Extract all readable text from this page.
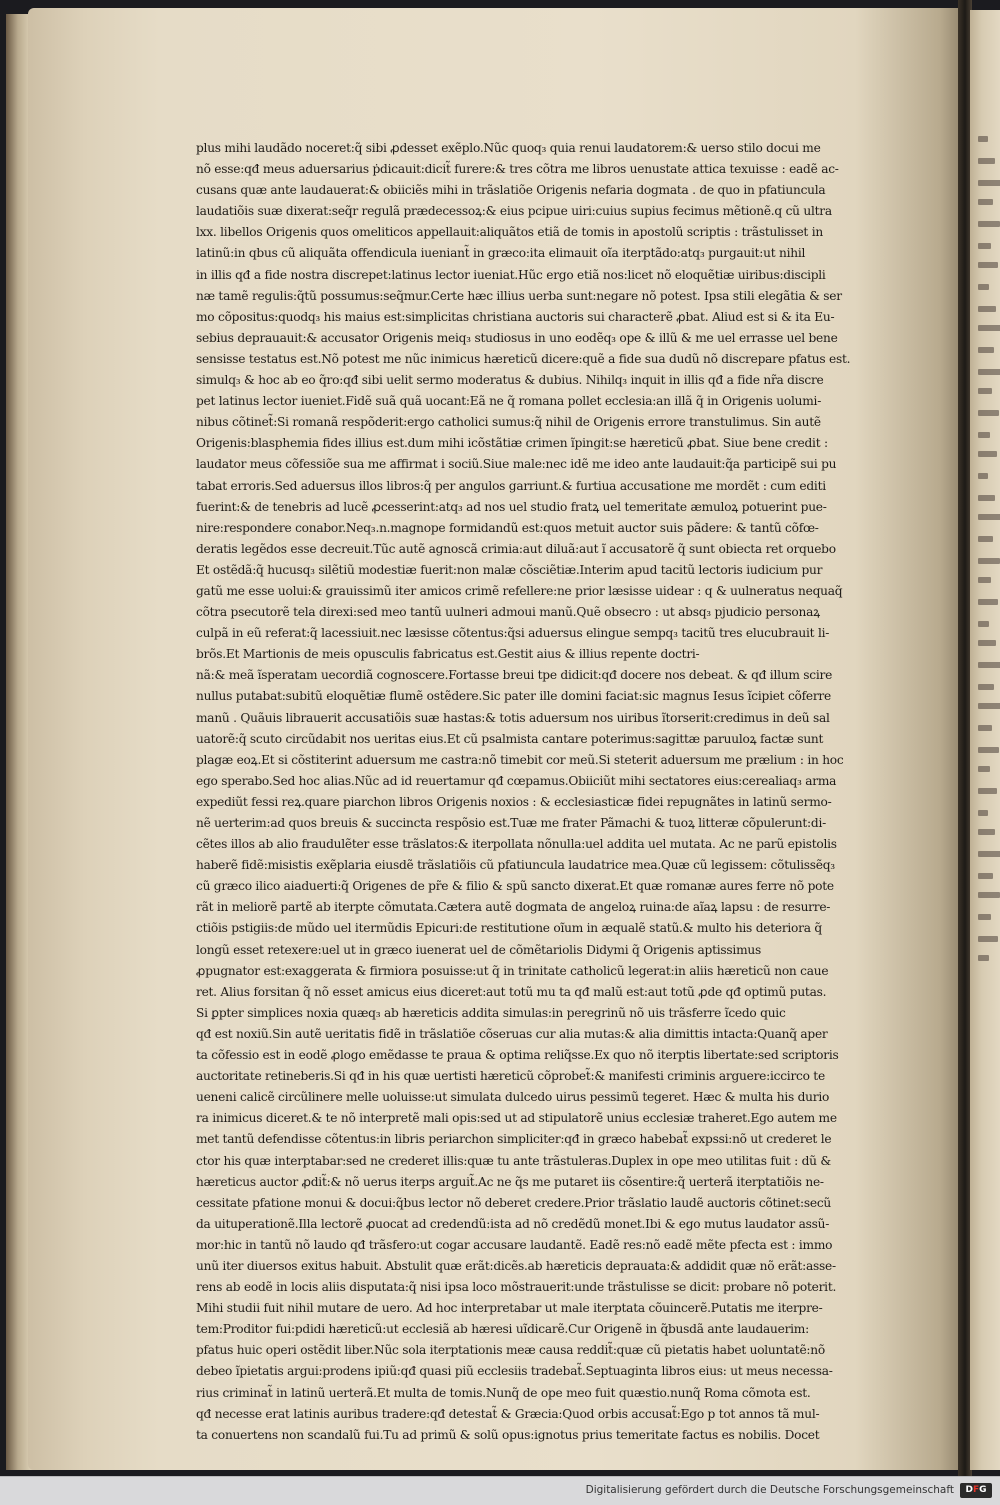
plus mihi laudãdo noceret:q̃ sibi ꝓdesset exẽplo.Nũc quoq₃ quia renui laudatorem:& uerso stilo docui me
nõ esse:qđ meus aduersarius ṗdicauit:dicit̃ furere:& tres cõtra me libros uenustate attica texuisse : eadẽ ac-
cusans quæ ante laudauerat:& obiiciẽs mihi in trãslatiõe Origenis nefaria dogmata . de quo in pfatiuncula
laudatiõis suæ dixerat:seq̃r regulã prædecessoꝝ:& eius pcipue uiri:cuius supius fecimus mẽtionẽ.q cũ ultra
lxx. libellos Origenis quos omeliticos appellauit:aliquãtos etiã de tomis in apostolũ scriptis : trãstulisset in
latinũ:in qbus cũ aliquãta offendicula iueniant̃ in græco:ita elimauit oĩa iterptãdo:atq₃ purgauit:ut nihil
in illis qđ a fide nostra discrepet:latinus lector iueniat.Hũc ergo etiã nos:licet nõ eloquẽtiæ uiribus:discipli
næ tamẽ regulis:q̃tũ possumus:seq̃mur.Certe hæc illius uerba sunt:negare nõ potest. Ipsa stili elegãtia & ser
mo cõpositus:quodq₃ his maius est:simplicitas christiana auctoris sui characterẽ ꝓbat. Aliud est si & ita Eu-
sebius deprauauit:& accusator Origenis meiq₃ studiosus in uno eodẽq₃ ope & illũ & me uel errasse uel bene
sensisse testatus est.Nõ potest me nũc inimicus hæreticũ dicere:quẽ a fide sua dudũ nõ discrepare pfatus est.
simulq₃ & hoc ab eo q̃ro:qđ sibi uelit sermo moderatus & dubius. Nihilq₃ inquit in illis qđ a fide nr̃a discre
pet latinus lector iueniet.Fidẽ suã quã uocant:Eã ne q̃ romana pollet ecclesia:an illã q̃ in Origenis uolumi-
nibus cõtinet̃:Si romanã respõderit:ergo catholici sumus:q̃ nihil de Origenis errore transtulimus. Sin autẽ
Origenis:blasphemia fides illius est.dum mihi icõstãtiæ crimen ĩpingit:se hæreticũ ꝓbat. Siue bene credit :
laudator meus cõfessiõe sua me affirmat i sociũ.Siue male:nec idẽ me ideo ante laudauit:q̃a participẽ sui pu
tabat erroris.Sed aduersus illos libros:q̃ per angulos garriunt.& furtiua accusatione me mordẽt : cum editi
fuerint:& de tenebris ad lucẽ ꝓcesserint:atq₃ ad nos uel studio fratꝝ uel temeritate æmuloꝝ potuerint pue-
nire:respondere conabor.Neq₃.n.magnope formidandũ est:quos metuit auctor suis pãdere: & tantũ cõfœ-
deratis legẽdos esse decreuit.Tũc autẽ agnoscã crimia:aut diluã:aut ĩ accusatorẽ q̃ sunt obiecta ret orquebo
Et ostẽdã:q̃ hucusq₃ silẽtiũ modestiæ fuerit:non malæ cõsciẽtiæ.Interim apud tacitũ lectoris iudicium pur
gatũ me esse uolui:& grauissimũ iter amicos crimẽ refellere:ne prior læsisse uidear : q & uulneratus nequaq̃
cõtra psecutorẽ tela direxi:sed meo tantũ uulneri admoui manũ.Quẽ obsecro : ut absq₃ pjudicio personaꝝ
culpã in eũ referat:q̃ lacessiuit.nec læsisse cõtentus:q̃si aduersus elingue sempq₃ tacitũ tres elucubrauit li-
brõs.Et Martionis de meis opusculis fabricatus est.Gestit aius & illius repente doctri-
nã:& meã ĩsperatam uecordiã cognoscere.Fortasse breui tpe didicit:qđ docere nos debeat. & qđ illum scire
nullus putabat:subitũ eloquẽtiæ flumẽ ostẽdere.Sic pater ille domini faciat:sic magnus Iesus ĩcipiet cõferre
manũ . Quãuis librauerit accusatiõis suæ hastas:& totis aduersum nos uiribus ĩtorserit:credimus in deũ sal
uatorẽ:q̃ scuto circũdabit nos ueritas eius.Et cũ psalmista cantare poterimus:sagittæ paruuloꝝ factæ sunt
plagæ eoꝝ.Et si cõstiterint aduersum me castra:nõ timebit cor meũ.Si steterit aduersum me prælium : in hoc
ego sperabo.Sed hoc alias.Nũc ad id reuertamur qđ cœpamus.Obiiciũt mihi sectatores eius:cerealiaq₃ arma
expediũt fessi reꝝ.quare piarchon libros Origenis noxios : & ecclesiasticæ fidei repugnãtes in latinũ sermo-
nẽ uerterim:ad quos breuis & succincta respõsio est.Tuæ me frater Pãmachi & tuoꝝ litteræ cõpulerunt:di-
cẽtes illos ab alio fraudulẽter esse trãslatos:& iterpollata nõnulla:uel addita uel mutata. Ac ne parũ epistolis
haberẽ fidẽ:misistis exẽplaria eiusdẽ trãslatiõis cũ pfatiuncula laudatrice mea.Quæ cũ legissem: cõtulissẽq₃
cũ græco ilico aiaduerti:q̃ Origenes de pr̃e & filio & spũ sancto dixerat.Et quæ romanæ aures ferre nõ pote
rãt in meliorẽ partẽ ab iterpte cõmutata.Cætera autẽ dogmata de angeloꝝ ruina:de aĩaꝝ lapsu : de resurre-
ctiõis pstigiis:de mũdo uel itermũdis Epicuri:de restitutione oĩum in æqualẽ statũ.& multo his deteriora q̃
longũ esset retexere:uel ut in græco iuenerat uel de cõmẽtariolis Didymi q̃ Origenis aptissimus
ꝓpugnator est:exaggerata & firmiora posuisse:ut q̃ in trinitate catholicũ legerat:in aliis hæreticũ non caue
ret. Alius forsitan q̃ nõ esset amicus eius diceret:aut totũ mu ta qđ malũ est:aut totũ ꝓde qđ optimũ putas.
Si ꝑpter simplices noxia quæq₃ ab hæreticis addita simulas:in peregrinũ nõ uis trãsferre ĩcedo quic
qđ est noxiũ.Sin autẽ ueritatis fidẽ in trãslatiõe cõseruas cur alia mutas:& alia dimittis intacta:Quanq̃ aper
ta cõfessio est in eodẽ ꝓlogo emẽdasse te praua & optima reliq̃sse.Ex quo nõ iterptis libertate:sed scriptoris
auctoritate retineberis.Si qđ in his quæ uertisti hæreticũ cõprobet̃:& manifesti criminis arguere:iccirco te
ueneni calicẽ circũlinere melle uoluisse:ut simulata dulcedo uirus pessimũ tegeret. Hæc & multa his durio
ra inimicus diceret.& te nõ interpretẽ mali opis:sed ut ad stipulatorẽ unius ecclesiæ traheret.Ego autem me
met tantũ defendisse cõtentus:in libris periarchon simpliciter:qđ in græco habebat̃ expssi:nõ ut crederet le
ctor his quæ interptabar:sed ne crederet illis:quæ tu ante trãstuleras.Duplex in ope meo utilitas fuit : dũ &
hæreticus auctor ꝓdit̃:& nõ uerus iterps arguit̃.Ac ne q̃s me putaret iis cõsentire:q̃ uerterã iterptatiõis ne-
cessitate pfatione monui & docui:q̃bus lector nõ deberet credere.Prior trãslatio laudẽ auctoris cõtinet:secũ
da uituperationẽ.Illa lectorẽ ꝓuocat ad credendũ:ista ad nõ credẽdũ monet.Ibi & ego mutus laudator assũ-
mor:hic in tantũ nõ laudo qđ trãsfero:ut cogar accusare laudantẽ. Eadẽ res:nõ eadẽ mẽte pfecta est : immo
unũ iter diuersos exitus habuit. Abstulit quæ erãt:dicẽs.ab hæreticis deprauata:& addidit quæ nõ erãt:asse-
rens ab eodẽ in locis aliis disputata:q̃ nisi ipsa loco mõstrauerit:unde trãstulisse se dicit: probare nõ poterit.
Mihi studii fuit nihil mutare de uero. Ad hoc interpretabar ut male iterptata cõuincerẽ.Putatis me iterpre-
tem:Proditor fui:pdidi hæreticũ:ut ecclesiã ab hæresi uĩdicarẽ.Cur Origenẽ in q̃busdã ante laudauerim:
pfatus huic operi ostẽdit liber.Nũc sola iterptationis meæ causa reddit̃:quæ cũ pietatis habet uoluntatẽ:nõ
debeo ĩpietatis argui:prodens ipiũ:qđ quasi piũ ecclesiis tradebat̃.Septuaginta libros eius: ut meus necessa-
rius criminat̃ in latinũ uerterã.Et multa de tomis.Nunq̃ de ope meo fuit quæstio.nunq̃ Roma cõmota est.
qđ necesse erat latinis auribus tradere:qđ detestat̃ & Græcia:Quod orbis accusat̃:Ego p tot annos tã mul-
ta conuertens non scandalũ fui.Tu ad primũ & solũ opus:ignotus prius temeritate factus es nobilis. Docet
Digitalisierung gefördert durch die Deutsche Forschungsgemeinschaft	DFG
